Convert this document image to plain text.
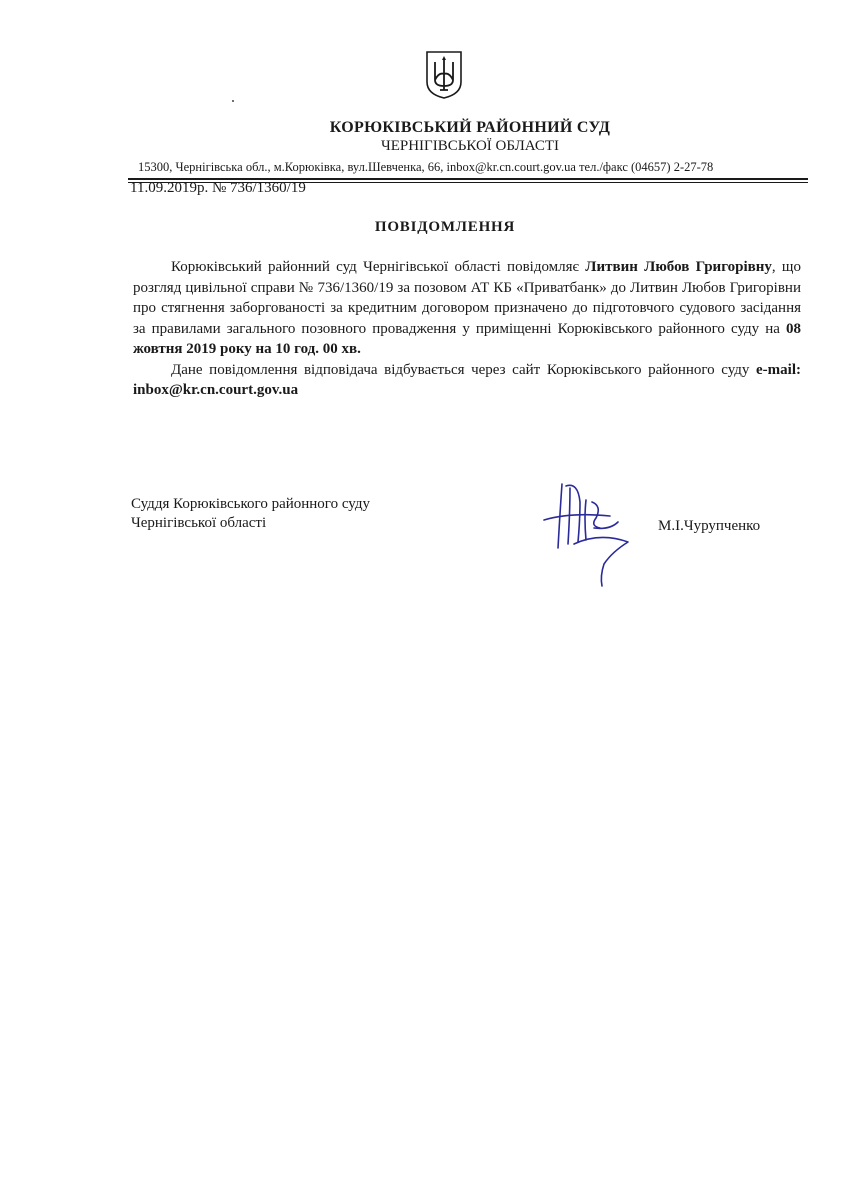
КОРЮКІВСЬКИЙ РАЙОННИЙ СУД
ЧЕРНІГІВСЬКОЇ ОБЛАСТІ
15300, Чернігівська обл., м.Корюківка, вул.Шевченка, 66, inbox@kr.cn.court.gov.ua тел./факс (04657) 2-27-78
11.09.2019р. № 736/1360/19
ПОВІДОМЛЕННЯ

Корюківський районний суд Чернігівської області повідомляє Литвин Любов Григорівну, що розгляд цивільної справи № 736/1360/19 за позовом АТ КБ «Приватбанк» до Литвин Любов Григорівни про стягнення заборгованості за кредитним договором призначено до підготовчого судового засідання за правилами загального позовного провадження у приміщенні Корюківського районного суду на 08 жовтня 2019 року на 10 год. 00 хв.

Дане повідомлення відповідача відбувається через сайт Корюківського районного суду e-mail: inbox@kr.cn.court.gov.ua

Суддя Корюківського районного суду
Чернігівської області	М.І.Чурупченко
